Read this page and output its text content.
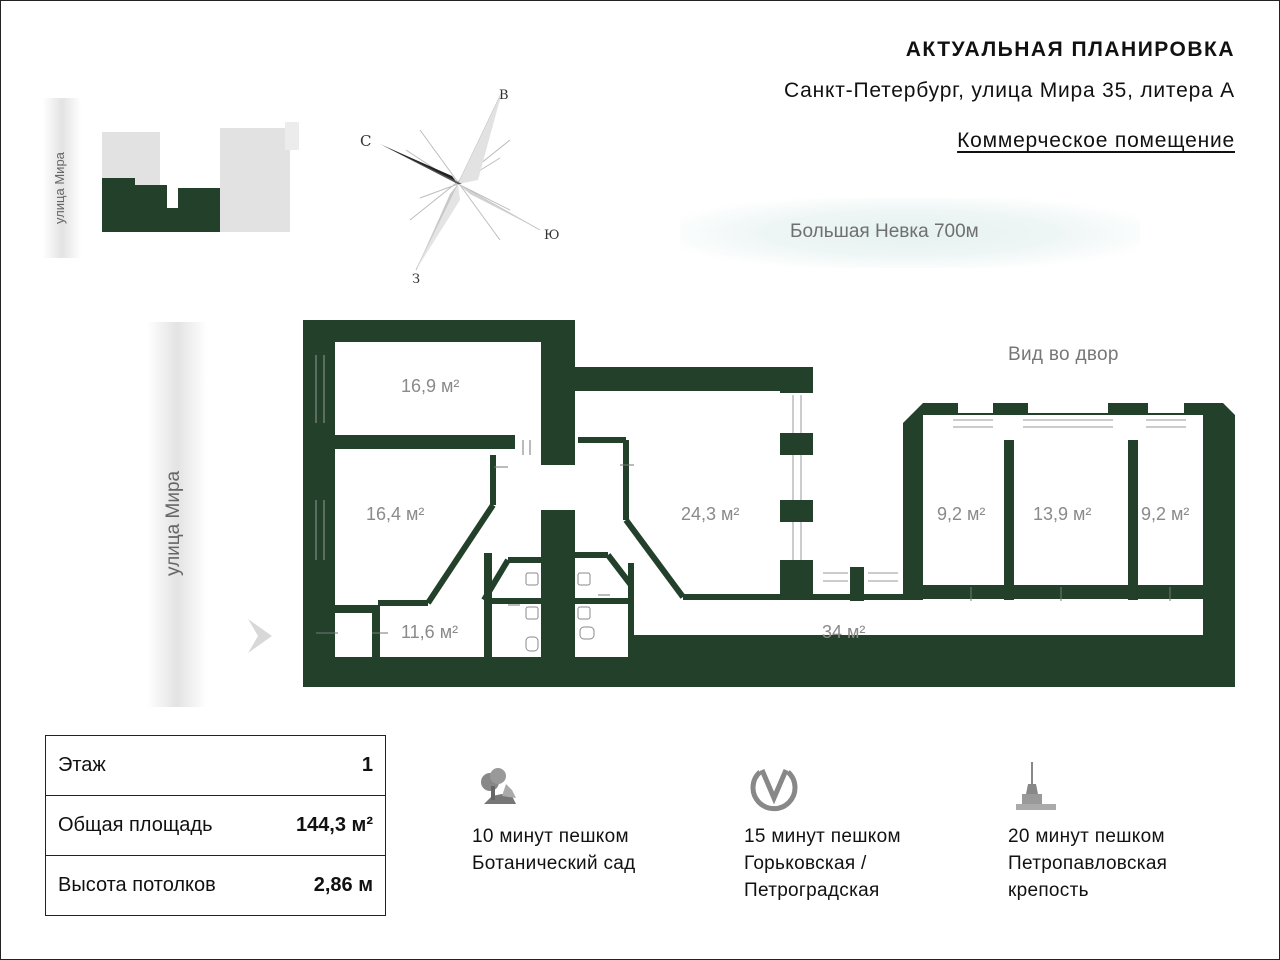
АКТУАЛЬНАЯ ПЛАНИРОВКА
Санкт-Петербург, улица Мира 35, литера А
Коммерческое помещение
улица Мира
С
В
Ю
З
Большая Невка 700м
Вид во двор
улица Мира
16,9 м²
16,4 м²
11,6 м²
24,3 м²	9,2 м²	13,9 м²	9,2 м²
34 м²
Этаж	1
Общая площадь	144,3 м²
Высота потолков	2,86 м
10 минут пешком
Ботанический сад
15 минут пешком
Горьковская /
Петроградская
20 минут пешком
Петропавловская
крепость
